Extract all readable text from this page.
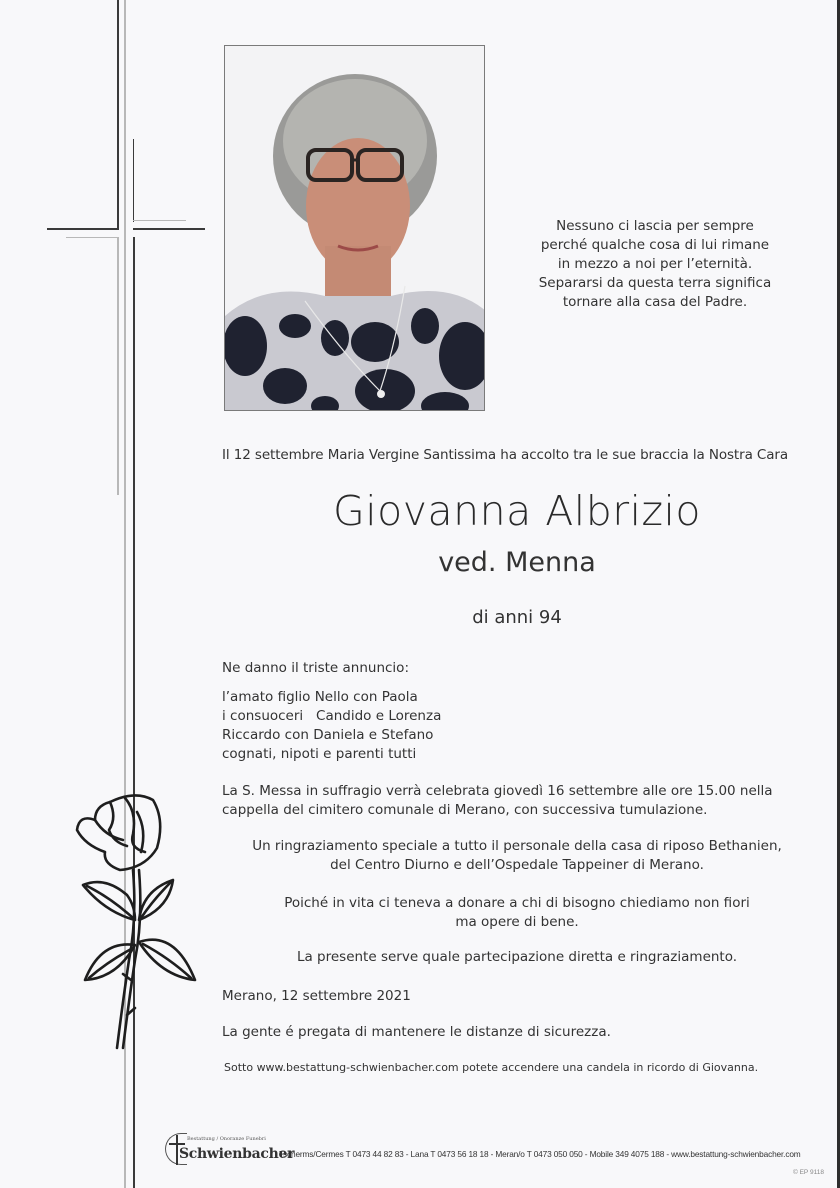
Nessuno ci lascia per sempre
perché qualche cosa di lui rimane
in mezzo a noi per l’eternità.
Separarsi da questa terra significa
tornare alla casa del Padre.
Il 12 settembre Maria Vergine Santissima ha accolto tra le sue braccia la Nostra Cara
Giovanna Albrizio
ved. Menna
di anni 94
Ne danno il triste annuncio:
l’amato figlio Nello con Paola
i consuoceri   Candido e Lorenza
Riccardo con Daniela e Stefano
cognati, nipoti e parenti tutti
La S. Messa in suffragio verrà celebrata giovedì 16 settembre alle ore 15.00 nella
cappella del cimitero comunale di Merano, con successiva tumulazione.
Un ringraziamento speciale a tutto il personale della casa di riposo Bethanien,
del Centro Diurno e dell’Ospedale Tappeiner di Merano.
Poiché in vita ci teneva a donare a chi di bisogno chiediamo non fiori
ma opere di bene.
La presente serve quale partecipazione diretta e ringraziamento.
Merano, 12 settembre 2021
La gente é pregata di mantenere le distanze di sicurezza.
Sotto www.bestattung-schwienbacher.com potete accendere una candela in ricordo di Giovanna.
Bestattung / Onoranze Funebri
Schwienbacher
Tscherms/Cermes T 0473 44 82 83 - Lana T 0473 56 18 18 - Meran/o T 0473 050 050 - Mobile 349 4075 188 - www.bestattung-schwienbacher.com
© EP 9118
